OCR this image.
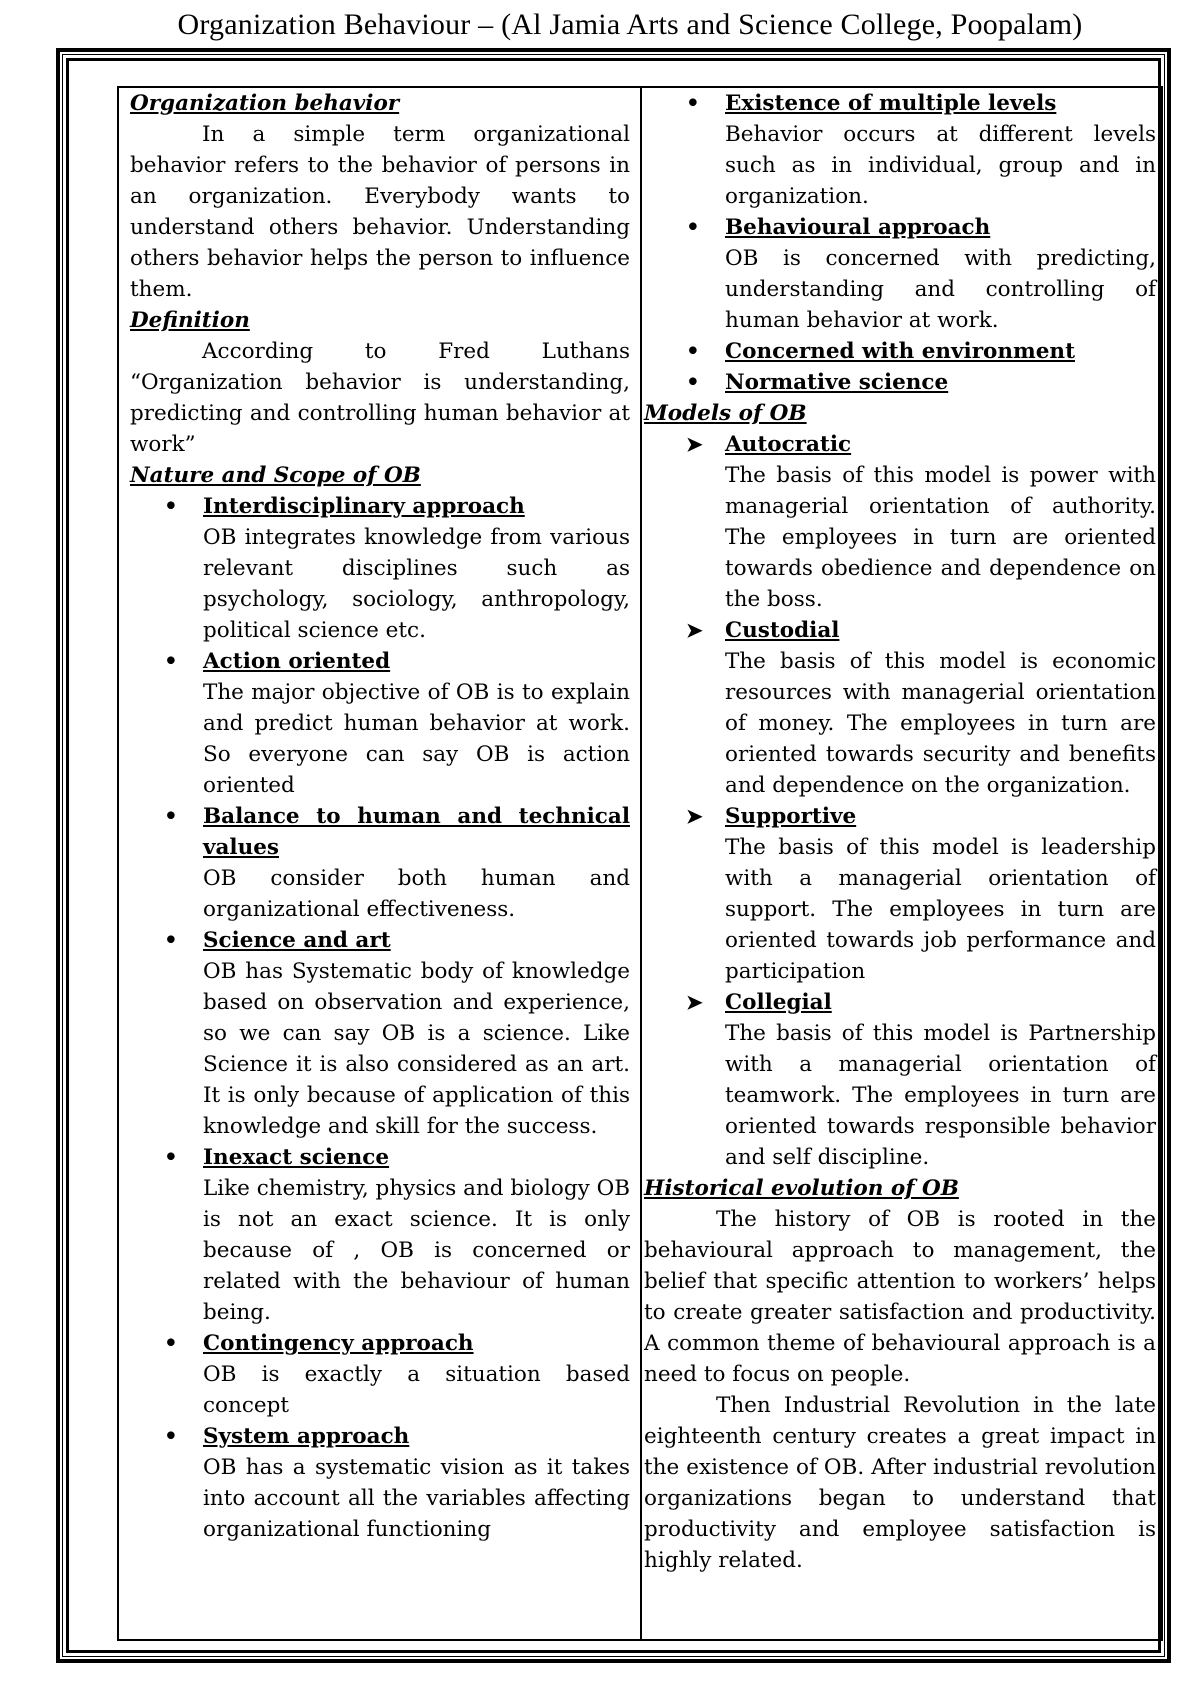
Organization Behaviour – (Al Jamia Arts and Science College, Poopalam)

Organization behavior

In a simple term organizational behavior refers to the behavior of persons in an organization. Everybody wants to understand others behavior. Understanding others behavior helps the person to influence them.

Definition

According to Fred Luthans “Organization behavior is understanding, predicting and controlling human behavior at work”

Nature and Scope of OB

• Interdisciplinary approach
OB integrates knowledge from various relevant disciplines such as psychology, sociology, anthropology, political science etc.
• Action oriented
The major objective of OB is to explain and predict human behavior at work. So everyone can say OB is action oriented
• Balance to human and technical values
OB consider both human and organizational effectiveness.
• Science and art
OB has Systematic body of knowledge based on observation and experience, so we can say OB is a science. Like Science it is also considered as an art. It is only because of application of this knowledge and skill for the success.
• Inexact science
Like chemistry, physics and biology OB is not an exact science. It is only because of , OB is concerned or related with the behaviour of human being.
• Contingency approach
OB is exactly a situation based concept
• System approach
OB has a systematic vision as it takes into account all the variables affecting organizational functioning
• Existence of multiple levels
Behavior occurs at different levels such as in individual, group and in organization.
• Behavioural approach
OB is concerned with predicting, understanding and controlling of human behavior at work.
• Concerned with environment
• Normative science

Models of OB

➤ Autocratic
The basis of this model is power with managerial orientation of authority. The employees in turn are oriented towards obedience and dependence on the boss.
➤ Custodial
The basis of this model is economic resources with managerial orientation of money. The employees in turn are oriented towards security and benefits and dependence on the organization.
➤ Supportive
The basis of this model is leadership with a managerial orientation of support. The employees in turn are oriented towards job performance and participation
➤ Collegial
The basis of this model is Partnership with a managerial orientation of teamwork. The employees in turn are oriented towards responsible behavior and self discipline.

Historical evolution of OB

The history of OB is rooted in the behavioural approach to management, the belief that specific attention to workers’ helps to create greater satisfaction and productivity. A common theme of behavioural approach is a need to focus on people.

Then Industrial Revolution in the late eighteenth century creates a great impact in the existence of OB. After industrial revolution organizations began to understand that productivity and employee satisfaction is highly related.
